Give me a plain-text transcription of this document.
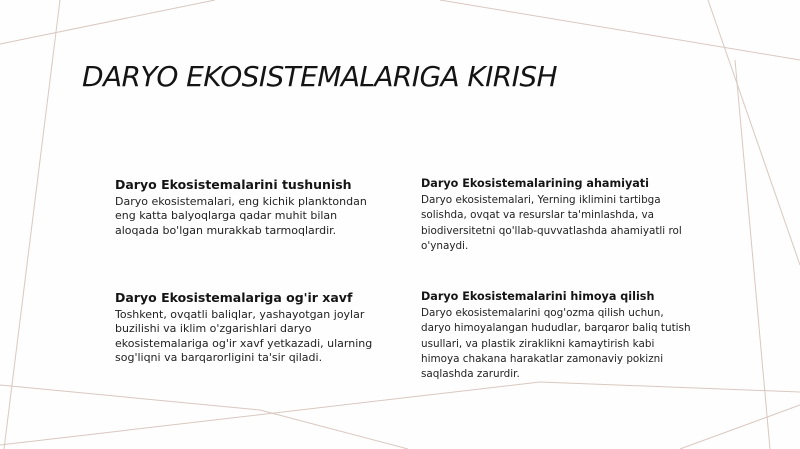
DARYO EKOSISTEMALARIGA KIRISH
Daryo Ekosistemalarini tushunish

Daryo ekosistemalari, eng kichik planktondan eng katta balyoqlarga qadar muhit bilan aloqada bo'lgan murakkab tarmoqlardir.

Daryo Ekosistemalarining ahamiyati

Daryo ekosistemalari, Yerning iklimini tartibga solishda, ovqat va resurslar ta'minlashda, va biodiversitetni qo'llab-quvvatlashda ahamiyatli rol o'ynaydi.

Daryo Ekosistemalariga og'ir xavf

Toshkent, ovqatli baliqlar, yashayotgan joylar buzilishi va iklim o'zgarishlari daryo ekosistemalariga og'ir xavf yetkazadi, ularning sog'liqni va barqarorligini ta'sir qiladi.

Daryo Ekosistemalarini himoya qilish

Daryo ekosistemalarini qog'ozma qilish uchun, daryo himoyalangan hududlar, barqaror baliq tutish usullari, va plastik ziraklikni kamaytirish kabi himoya chakana harakatlar zamonaviy pokizni saqlashda zarurdir.
